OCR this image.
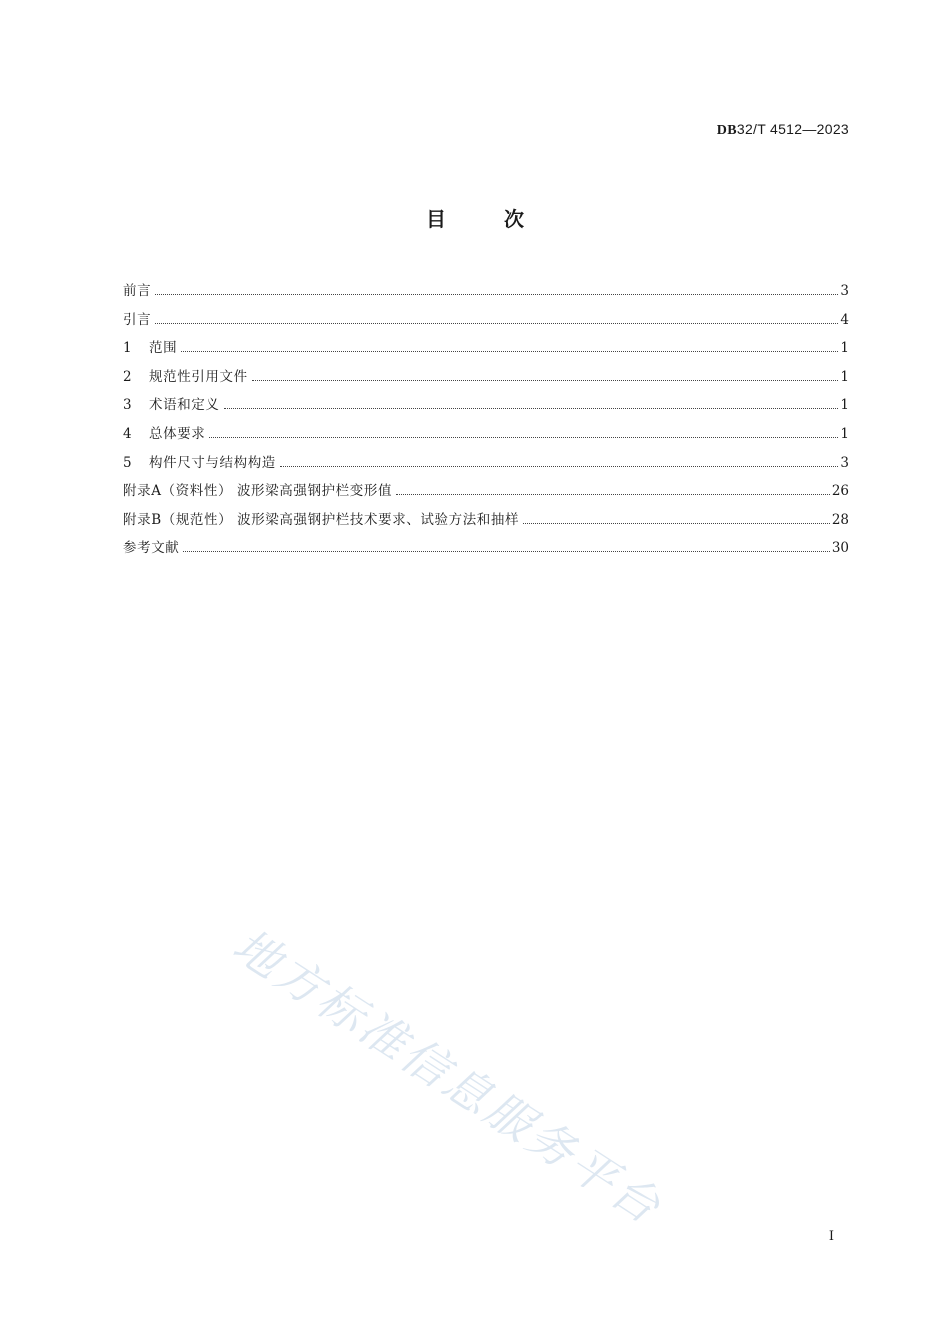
DB32/T 4512—2023
目次
前言	3
引言	4
1	范围	1
2	规范性引用文件	1
3	术语和定义	1
4	总体要求	1
5	构件尺寸与结构构造	3
附录A（资料性） 波形梁高强钢护栏变形值	26
附录B（规范性） 波形梁高强钢护栏技术要求、试验方法和抽样	28
参考文献	30
地方标准信息服务平台
I
